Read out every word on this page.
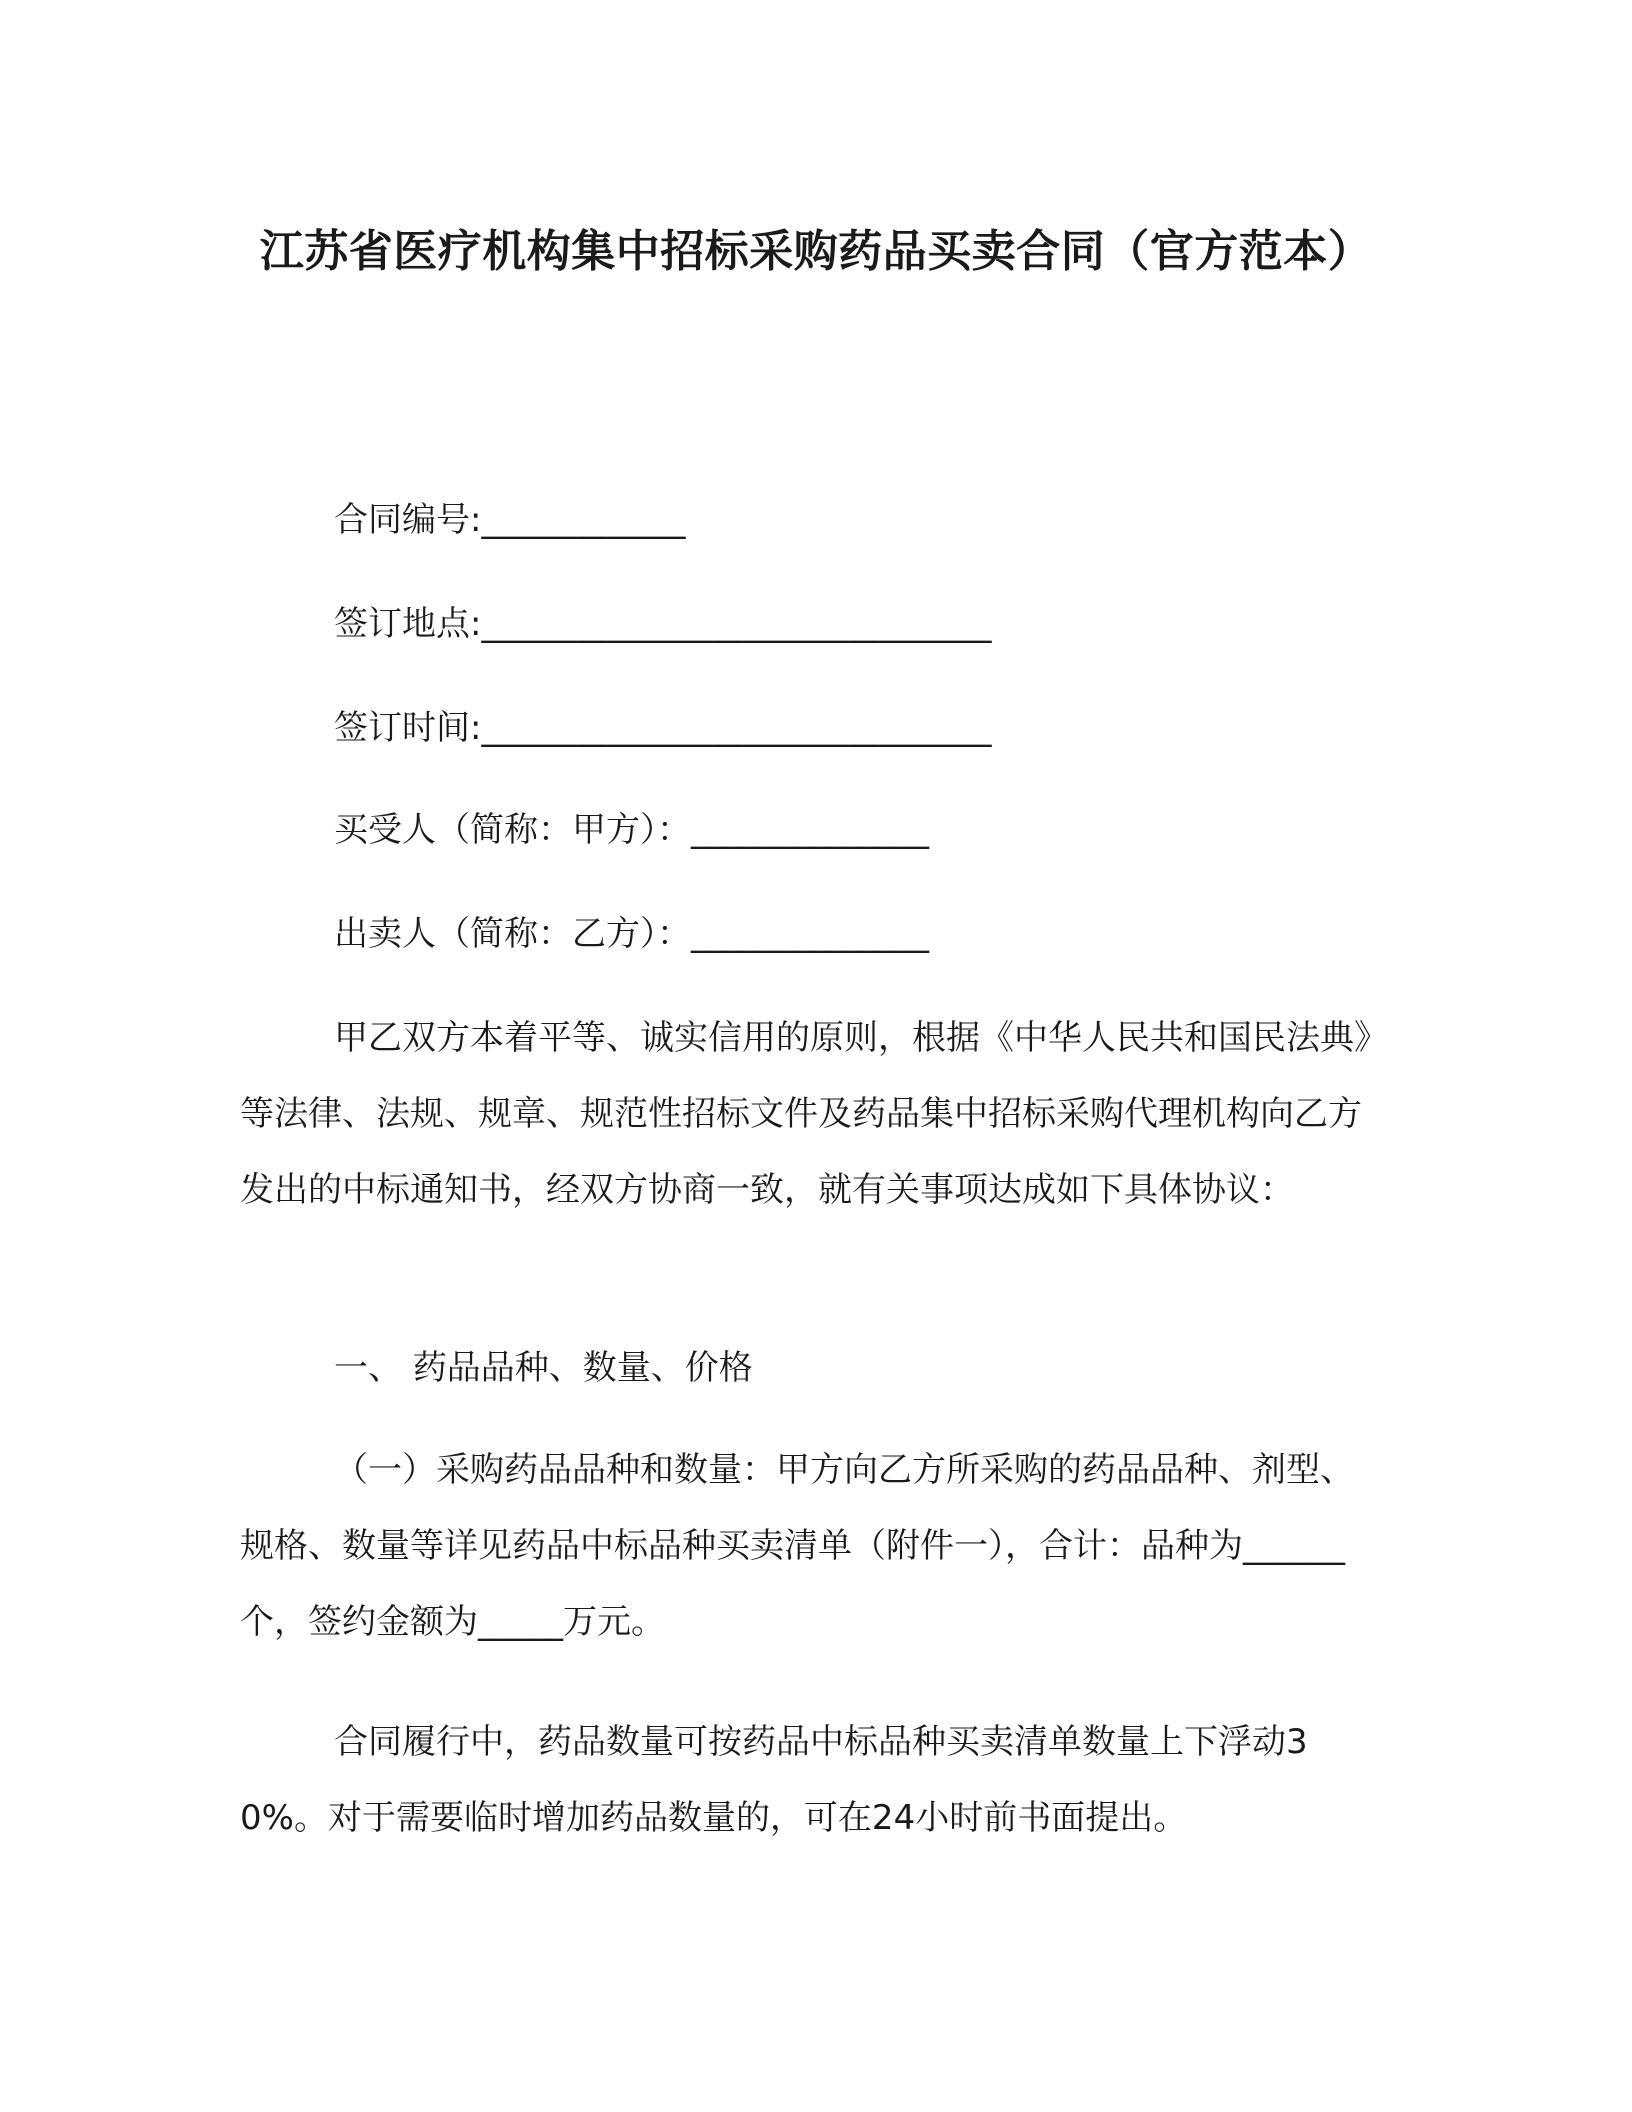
江苏省医疗机构集中招标采购药品买卖合同（官方范本）
合同编号:____________
签订地点:______________________________
签订时间:______________________________
买受人（简称：甲方）：______________
出卖人（简称：乙方）：______________
甲乙双方本着平等、诚实信用的原则，根据《中华人民共和国民法典》等法律、法规、规章、规范性招标文件及药品集中招标采购代理机构向乙方发出的中标通知书，经双方协商一致，就有关事项达成如下具体协议：
一、 药品品种、数量、价格
（一）采购药品品种和数量：甲方向乙方所采购的药品品种、剂型、规格、数量等详见药品中标品种买卖清单（附件一），合计：品种为______个，签约金额为_____万元。
合同履行中，药品数量可按药品中标品种买卖清单数量上下浮动30%。对于需要临时增加药品数量的，可在24小时前书面提出。
